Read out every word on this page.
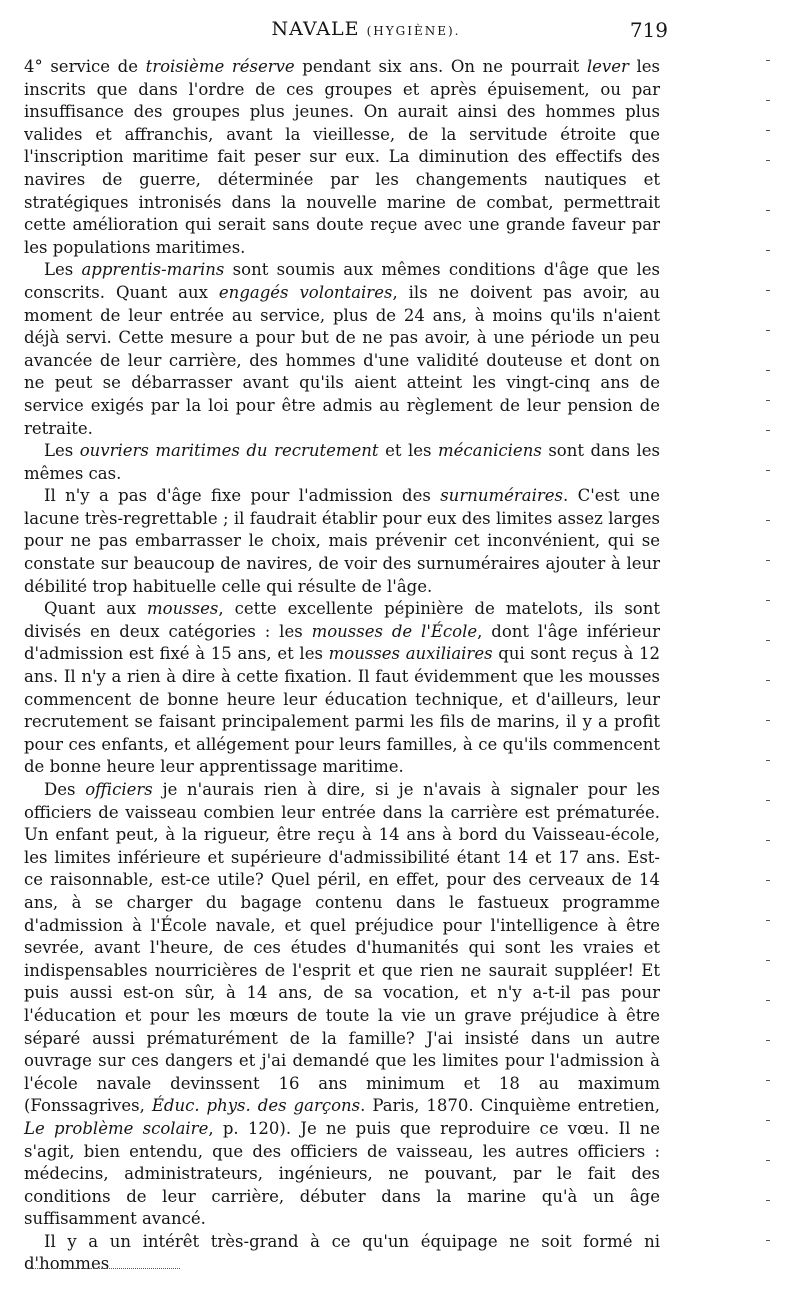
NAVALE (HYGIÈNE).	719

4° service de troisième réserve pendant six ans. On ne pourrait lever les inscrits que dans l'ordre de ces groupes et après épuisement, ou par insuffisance des groupes plus jeunes. On aurait ainsi des hommes plus valides et affranchis, avant la vieillesse, de la servitude étroite que l'inscription maritime fait peser sur eux. La diminution des effectifs des navires de guerre, déterminée par les changements nautiques et stratégiques intronisés dans la nouvelle marine de combat, permettrait cette amélioration qui serait sans doute reçue avec une grande faveur par les populations maritimes.

Les apprentis-marins sont soumis aux mêmes conditions d'âge que les conscrits. Quant aux engagés volontaires, ils ne doivent pas avoir, au moment de leur entrée au service, plus de 24 ans, à moins qu'ils n'aient déjà servi. Cette mesure a pour but de ne pas avoir, à une période un peu avancée de leur carrière, des hommes d'une validité douteuse et dont on ne peut se débarrasser avant qu'ils aient atteint les vingt-cinq ans de service exigés par la loi pour être admis au règlement de leur pension de retraite.

Les ouvriers maritimes du recrutement et les mécaniciens sont dans les mêmes cas.

Il n'y a pas d'âge fixe pour l'admission des surnuméraires. C'est une lacune très-regrettable ; il faudrait établir pour eux des limites assez larges pour ne pas embarrasser le choix, mais prévenir cet inconvénient, qui se constate sur beaucoup de navires, de voir des surnuméraires ajouter à leur débilité trop habituelle celle qui résulte de l'âge.

Quant aux mousses, cette excellente pépinière de matelots, ils sont divisés en deux catégories : les mousses de l'École, dont l'âge inférieur d'admission est fixé à 15 ans, et les mousses auxiliaires qui sont reçus à 12 ans. Il n'y a rien à dire à cette fixation. Il faut évidemment que les mousses commencent de bonne heure leur éducation technique, et d'ailleurs, leur recrutement se faisant principalement parmi les fils de marins, il y a profit pour ces enfants, et allégement pour leurs familles, à ce qu'ils commencent de bonne heure leur apprentissage maritime.

Des officiers je n'aurais rien à dire, si je n'avais à signaler pour les officiers de vaisseau combien leur entrée dans la carrière est prématurée. Un enfant peut, à la rigueur, être reçu à 14 ans à bord du Vaisseau-école, les limites inférieure et supérieure d'admissibilité étant 14 et 17 ans. Est-ce raisonnable, est-ce utile? Quel péril, en effet, pour des cerveaux de 14 ans, à se charger du bagage contenu dans le fastueux programme d'admission à l'École navale, et quel préjudice pour l'intelligence à être sevrée, avant l'heure, de ces études d'humanités qui sont les vraies et indispensables nourricières de l'esprit et que rien ne saurait suppléer! Et puis aussi est-on sûr, à 14 ans, de sa vocation, et n'y a-t-il pas pour l'éducation et pour les mœurs de toute la vie un grave préjudice à être séparé aussi prématurément de la famille? J'ai insisté dans un autre ouvrage sur ces dangers et j'ai demandé que les limites pour l'admission à l'école navale devinssent 16 ans minimum et 18 au maximum (Fonssagrives, Éduc. phys. des garçons. Paris, 1870. Cinquième entretien, Le problème scolaire, p. 120). Je ne puis que reproduire ce vœu. Il ne s'agit, bien entendu, que des officiers de vaisseau, les autres officiers : médecins, administrateurs, ingénieurs, ne pouvant, par le fait des conditions de leur carrière, débuter dans la marine qu'à un âge suffisamment avancé.

Il y a un intérêt très-grand à ce qu'un équipage ne soit formé ni d'hommes
